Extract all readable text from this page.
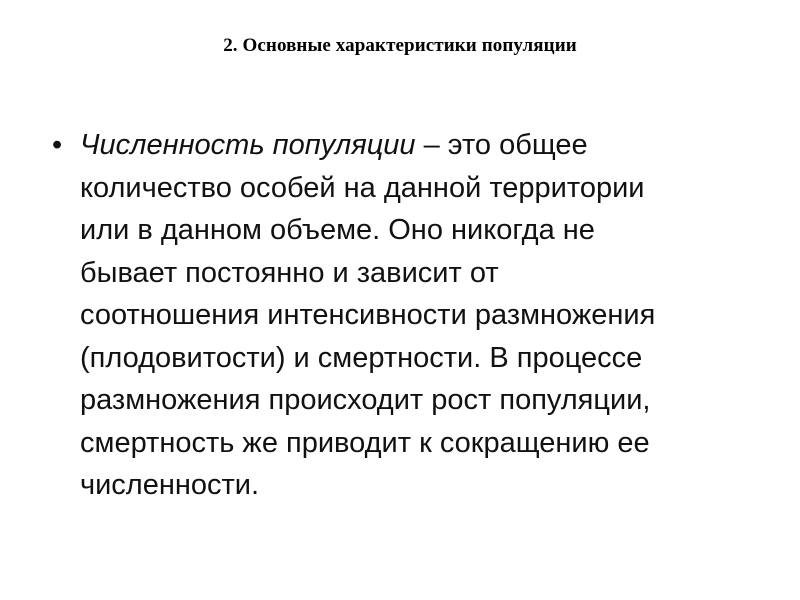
2. Основные характеристики популяции
• Численность популяции – это общее
количество особей на данной территории
или в данном объеме. Оно никогда не
бывает постоянно и зависит от
соотношения интенсивности размножения
(плодовитости) и смертности. В процессе
размножения происходит рост популяции,
смертность же приводит к сокращению ее
численности.
